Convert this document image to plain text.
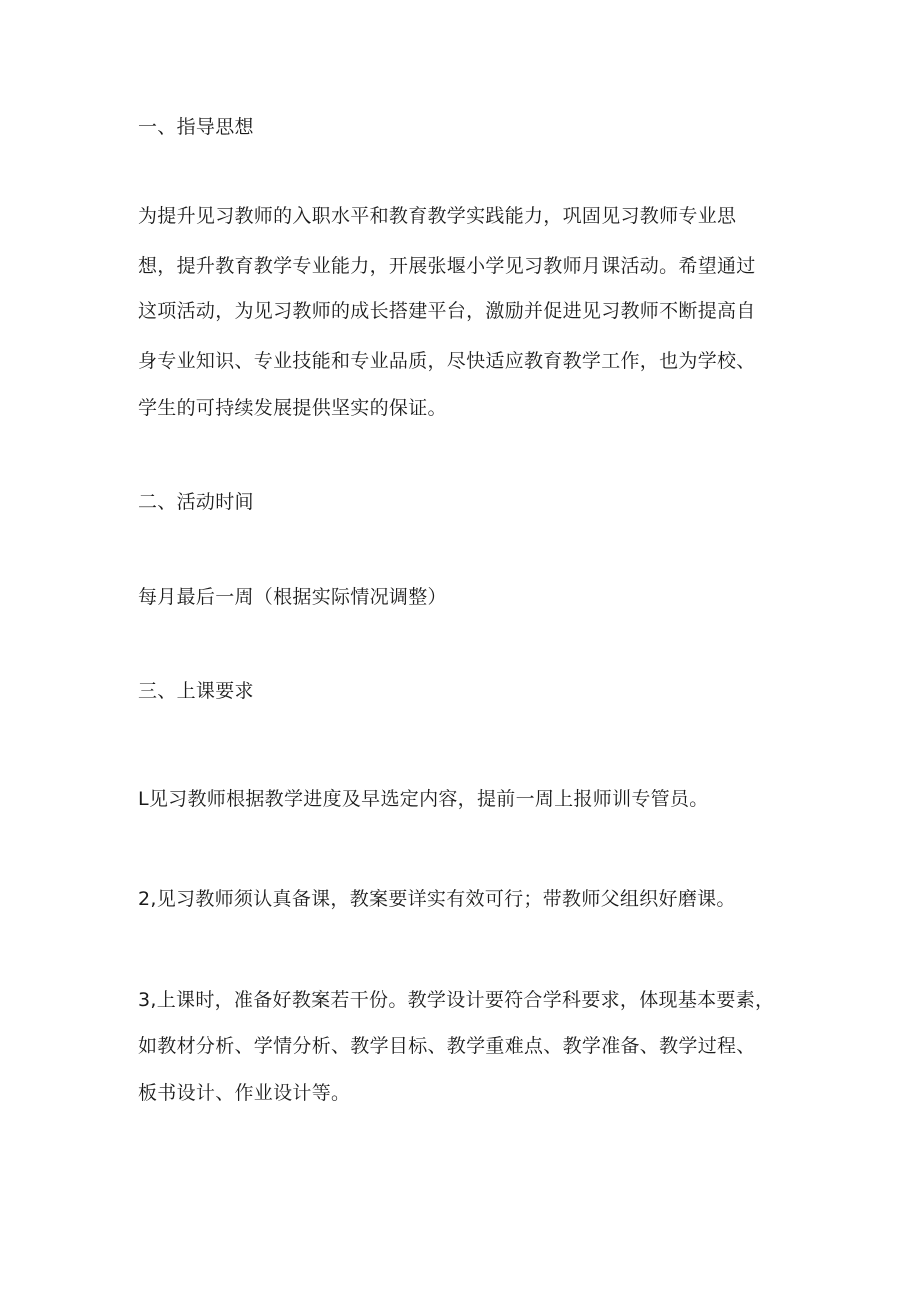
一、指导思想
为提升见习教师的入职水平和教育教学实践能力，巩固见习教师专业思
想，提升教育教学专业能力，开展张堰小学见习教师月课活动。希望通过
这项活动，为见习教师的成长搭建平台，激励并促进见习教师不断提高自
身专业知识、专业技能和专业品质，尽快适应教育教学工作，也为学校、
学生的可持续发展提供坚实的保证。
二、活动时间
每月最后一周（根据实际情况调整）
三、上课要求
L见习教师根据教学进度及早选定内容，提前一周上报师训专管员。
2,见习教师须认真备课，教案要详实有效可行；带教师父组织好磨课。
3,上课时，准备好教案若干份。教学设计要符合学科要求，体现基本要素，
如教材分析、学情分析、教学目标、教学重难点、教学准备、教学过程、
板书设计、作业设计等。
